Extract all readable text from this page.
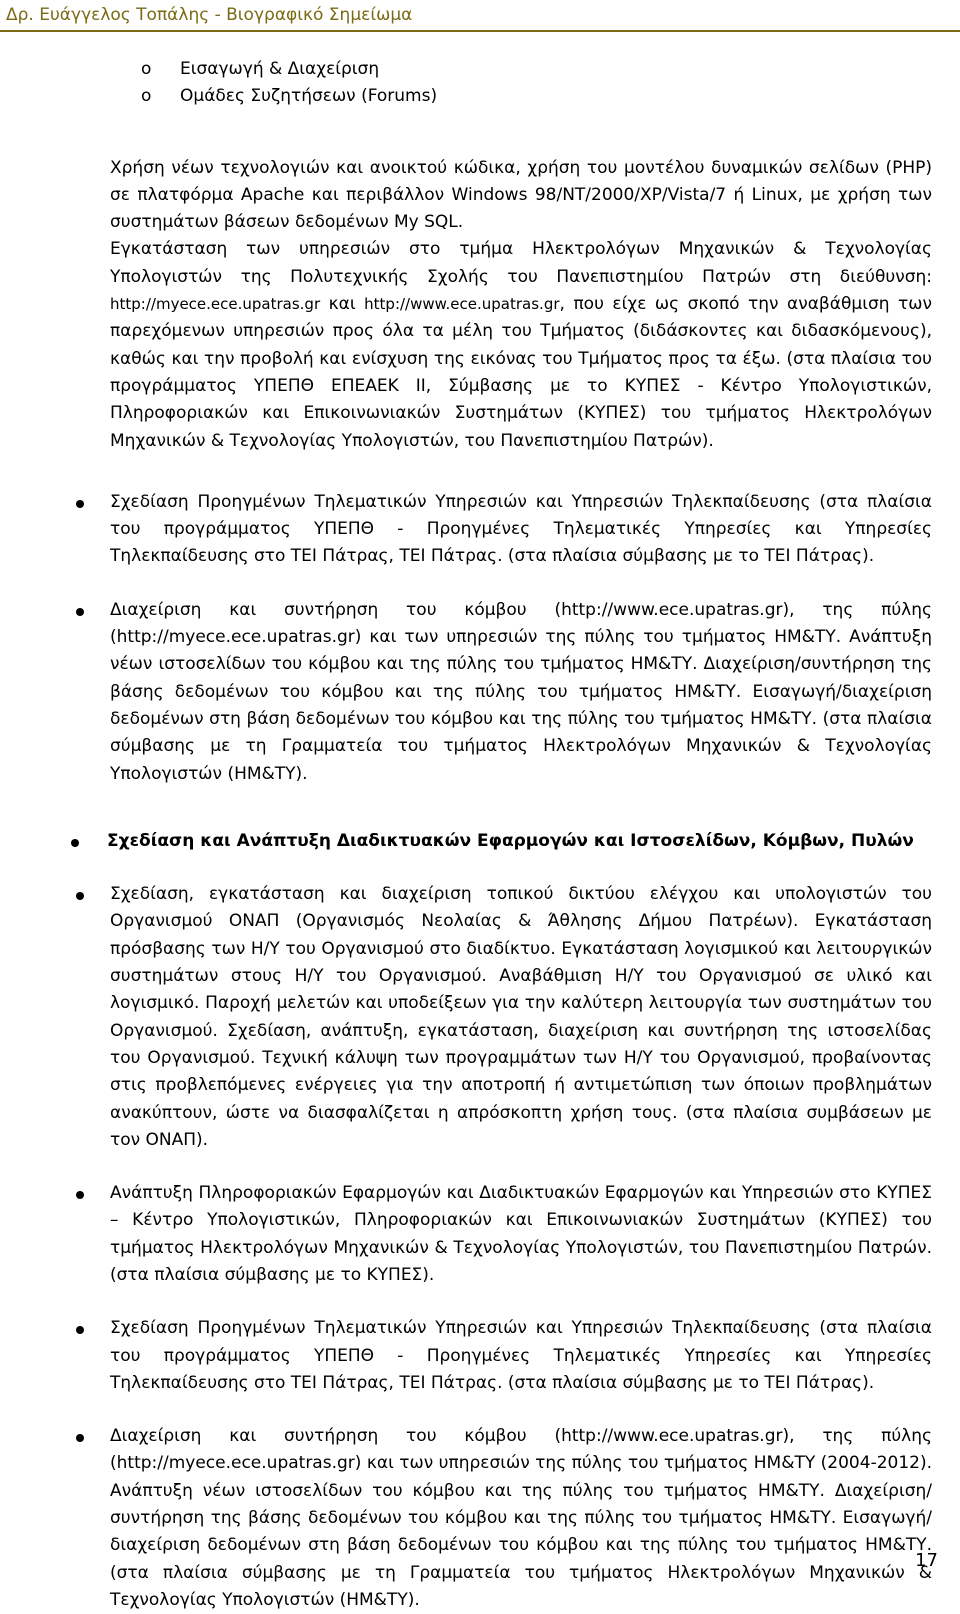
Δρ. Ευάγγελος Τοπάλης - Βιογραφικό Σημείωμα
o Εισαγωγή & Διαχείριση
o Ομάδες Συζητήσεων (Forums)

Χρήση νέων τεχνολογιών και ανοικτού κώδικα, χρήση του μοντέλου δυναμικών σελίδων (PHP) σε πλατφόρμα Apache και περιβάλλον Windows 98/NT/2000/XP/Vista/7 ή Linux, με χρήση των συστημάτων βάσεων δεδομένων My SQL.

Εγκατάσταση των υπηρεσιών στο τμήμα Ηλεκτρολόγων Μηχανικών & Τεχνολογίας Υπολογιστών της Πολυτεχνικής Σχολής του Πανεπιστημίου Πατρών στη διεύθυνση: http://myece.ece.upatras.gr και http://www.ece.upatras.gr, που είχε ως σκοπό την αναβάθμιση των παρεχόμενων υπηρεσιών προς όλα τα μέλη του Τμήματος (διδάσκοντες και διδασκόμενους), καθώς και την προβολή και ενίσχυση της εικόνας του Τμήματος προς τα έξω. (στα πλαίσια του προγράμματος ΥΠΕΠΘ ΕΠΕΑΕΚ ΙΙ, Σύμβασης με το ΚΥΠΕΣ - Κέντρο Υπολογιστικών, Πληροφοριακών και Επικοινωνιακών Συστημάτων (ΚΥΠΕΣ) του τμήματος Ηλεκτρολόγων Μηχανικών & Τεχνολογίας Υπολογιστών, του Πανεπιστημίου Πατρών).

Σχεδίαση Προηγμένων Τηλεματικών Υπηρεσιών και Υπηρεσιών Τηλεκπαίδευσης (στα πλαίσια του προγράμματος ΥΠΕΠΘ - Προηγμένες Τηλεματικές Υπηρεσίες και Υπηρεσίες Τηλεκπαίδευσης στο ΤΕΙ Πάτρας, ΤΕΙ Πάτρας. (στα πλαίσια σύμβασης με το ΤΕΙ Πάτρας).
Διαχείριση και συντήρηση του κόμβου (http://www.ece.upatras.gr), της πύλης (http://myece.ece.upatras.gr) και των υπηρεσιών της πύλης του τμήματος ΗΜ&ΤΥ. Ανάπτυξη νέων ιστοσελίδων του κόμβου και της πύλης του τμήματος ΗΜ&ΤΥ. Διαχείριση/συντήρηση της βάσης δεδομένων του κόμβου και της πύλης του τμήματος ΗΜ&ΤΥ. Εισαγωγή/διαχείριση δεδομένων στη βάση δεδομένων του κόμβου και της πύλης του τμήματος ΗΜ&ΤΥ. (στα πλαίσια σύμβασης με τη Γραμματεία του τμήματος Ηλεκτρολόγων Μηχανικών & Τεχνολογίας Υπολογιστών (ΗΜ&ΤΥ).
Σχεδίαση και Ανάπτυξη Διαδικτυακών Εφαρμογών και Ιστοσελίδων, Κόμβων, Πυλών
Σχεδίαση, εγκατάσταση και διαχείριση τοπικού δικτύου ελέγχου και υπολογιστών του Οργανισμού ΟΝΑΠ (Οργανισμός Νεολαίας & Άθλησης Δήμου Πατρέων). Εγκατάσταση πρόσβασης των Η/Υ του Οργανισμού στο διαδίκτυο. Εγκατάσταση λογισμικού και λειτουργικών συστημάτων στους Η/Υ του Οργανισμού. Αναβάθμιση Η/Υ του Οργανισμού σε υλικό και λογισμικό. Παροχή μελετών και υποδείξεων για την καλύτερη λειτουργία των συστημάτων του Οργανισμού. Σχεδίαση, ανάπτυξη, εγκατάσταση, διαχείριση και συντήρηση της ιστοσελίδας του Οργανισμού. Τεχνική κάλυψη των προγραμμάτων των Η/Υ του Οργανισμού, προβαίνοντας στις προβλεπόμενες ενέργειες για την αποτροπή ή αντιμετώπιση των όποιων προβλημάτων ανακύπτουν, ώστε να διασφαλίζεται η απρόσκοπτη χρήση τους. (στα πλαίσια συμβάσεων με τον ΟΝΑΠ).
Ανάπτυξη Πληροφοριακών Εφαρμογών και Διαδικτυακών Εφαρμογών και Υπηρεσιών στο ΚΥΠΕΣ – Κέντρο Υπολογιστικών, Πληροφοριακών και Επικοινωνιακών Συστημάτων (ΚΥΠΕΣ) του τμήματος Ηλεκτρολόγων Μηχανικών & Τεχνολογίας Υπολογιστών, του Πανεπιστημίου Πατρών. (στα πλαίσια σύμβασης με το ΚΥΠΕΣ).
Σχεδίαση Προηγμένων Τηλεματικών Υπηρεσιών και Υπηρεσιών Τηλεκπαίδευσης (στα πλαίσια του προγράμματος ΥΠΕΠΘ - Προηγμένες Τηλεματικές Υπηρεσίες και Υπηρεσίες Τηλεκπαίδευσης στο ΤΕΙ Πάτρας, ΤΕΙ Πάτρας. (στα πλαίσια σύμβασης με το ΤΕΙ Πάτρας).
Διαχείριση και συντήρηση του κόμβου (http://www.ece.upatras.gr), της πύλης (http://myece.ece.upatras.gr) και των υπηρεσιών της πύλης του τμήματος ΗΜ&ΤΥ (2004-2012). Ανάπτυξη νέων ιστοσελίδων του κόμβου και της πύλης του τμήματος ΗΜ&ΤΥ. Διαχείριση/συντήρηση της βάσης δεδομένων του κόμβου και της πύλης του τμήματος ΗΜ&ΤΥ. Εισαγωγή/διαχείριση δεδομένων στη βάση δεδομένων του κόμβου και της πύλης του τμήματος ΗΜ&ΤΥ. (στα πλαίσια σύμβασης με τη Γραμματεία του τμήματος Ηλεκτρολόγων Μηχανικών & Τεχνολογίας Υπολογιστών (ΗΜ&ΤΥ).
17
